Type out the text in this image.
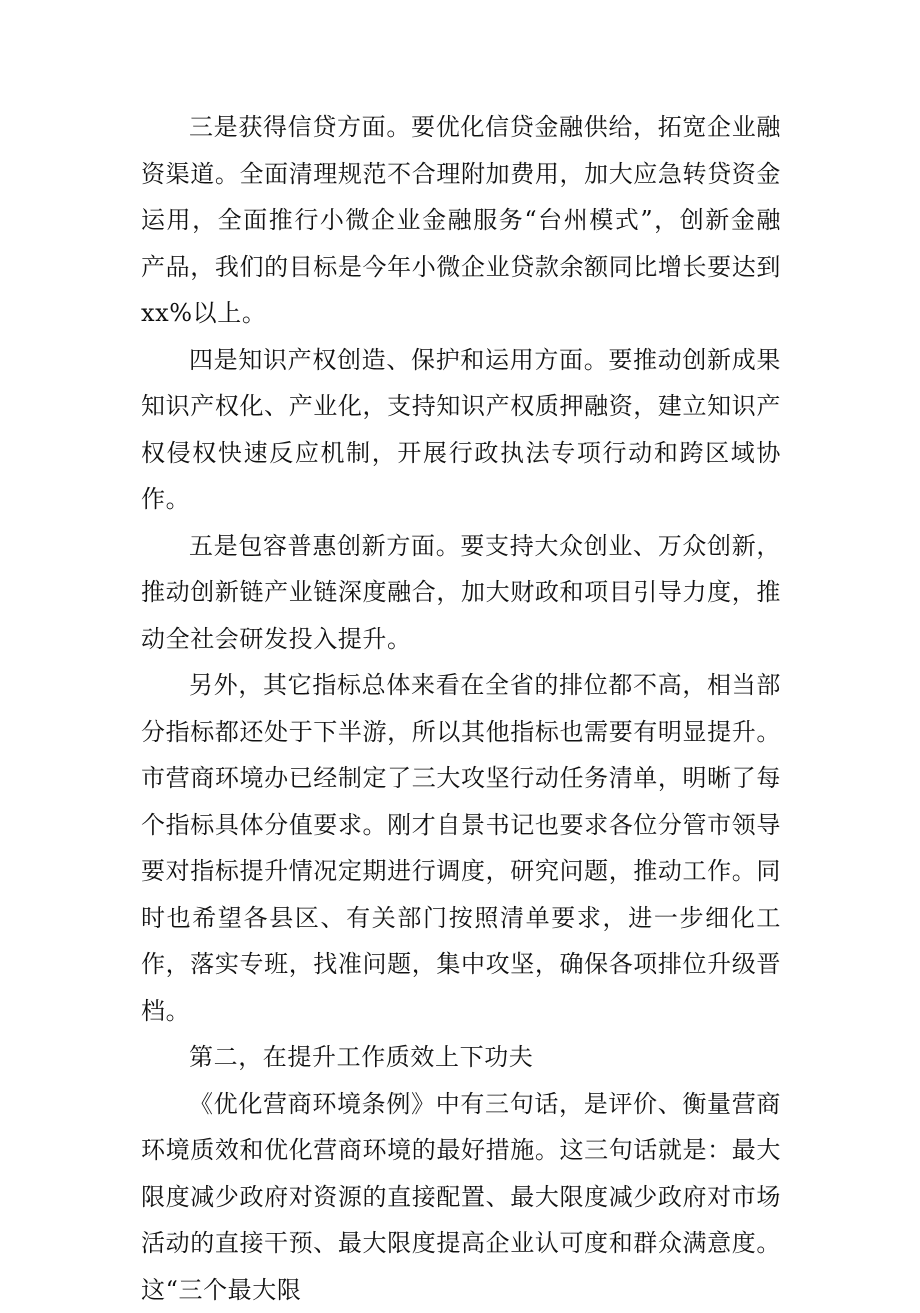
三是获得信贷方面。要优化信贷金融供给，拓宽企业融资渠道。全面清理规范不合理附加费用，加大应急转贷资金运用，全面推行小微企业金融服务“台州模式”，创新金融产品，我们的目标是今年小微企业贷款余额同比增长要达到xx%以上。

四是知识产权创造、保护和运用方面。要推动创新成果知识产权化、产业化，支持知识产权质押融资，建立知识产权侵权快速反应机制，开展行政执法专项行动和跨区域协作。

五是包容普惠创新方面。要支持大众创业、万众创新，推动创新链产业链深度融合，加大财政和项目引导力度，推动全社会研发投入提升。

另外，其它指标总体来看在全省的排位都不高，相当部分指标都还处于下半游，所以其他指标也需要有明显提升。市营商环境办已经制定了三大攻坚行动任务清单，明晰了每个指标具体分值要求。刚才自景书记也要求各位分管市领导要对指标提升情况定期进行调度，研究问题，推动工作。同时也希望各县区、有关部门按照清单要求，进一步细化工作，落实专班，找准问题，集中攻坚，确保各项排位升级晋档。

第二，在提升工作质效上下功夫

《优化营商环境条例》中有三句话，是评价、衡量营商环境质效和优化营商环境的最好措施。这三句话就是：最大限度减少政府对资源的直接配置、最大限度减少政府对市场活动的直接干预、最大限度提高企业认可度和群众满意度。这“三个最大限
